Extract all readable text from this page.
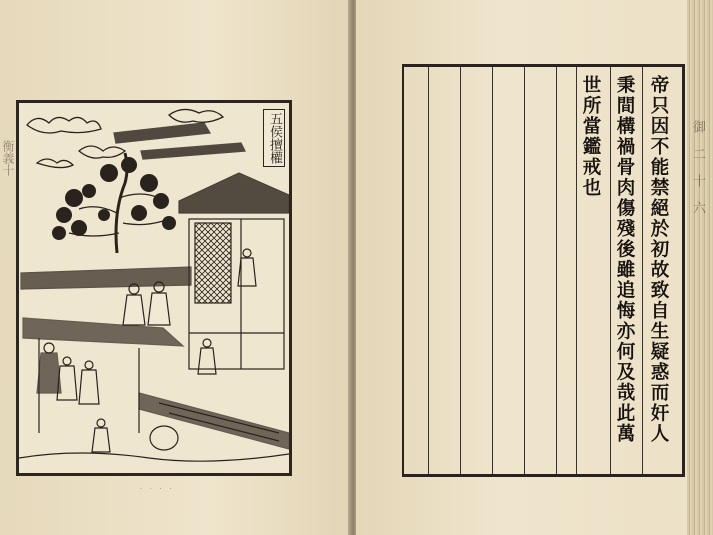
衡義十	五侯擅權
· · · ·
帝只因不能禁絕於初故致自生疑惑而奸人
秉間構禍骨肉傷殘後雖追悔亦何及哉此萬
世所當鑑戒也	御二十六
